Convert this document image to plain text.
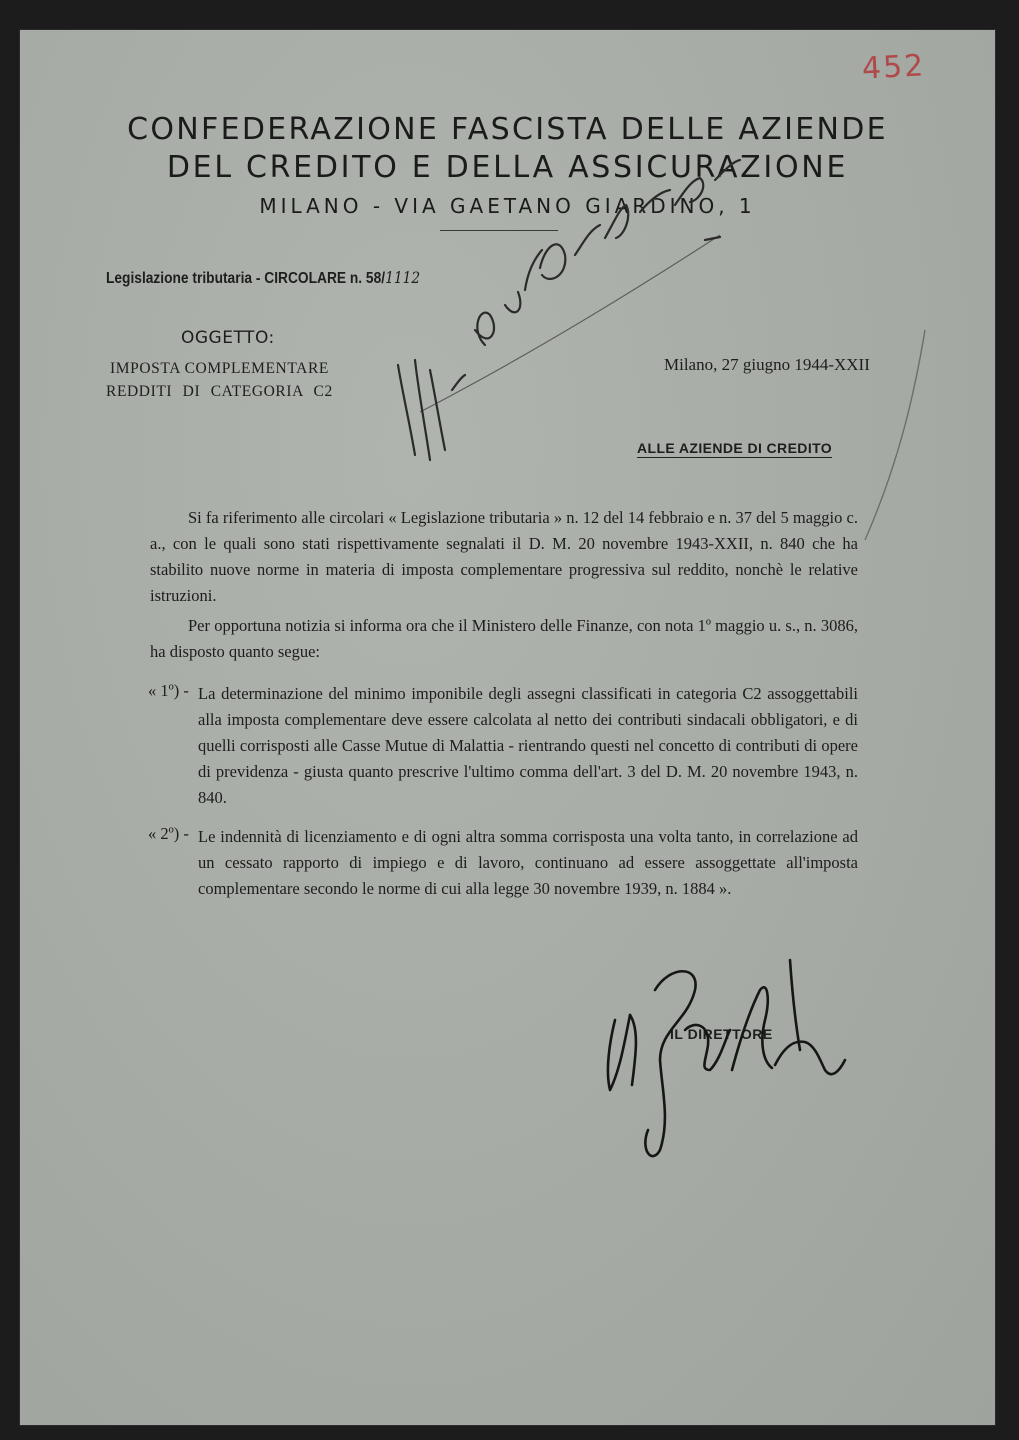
452
CONFEDERAZIONE FASCISTA DELLE AZIENDE
DEL CREDITO E DELLA ASSICURAZIONE
MILANO - VIA GAETANO GIARDINO, 1
Legislazione tributaria - CIRCOLARE n. 58/1112
OGGETTO:
IMPOSTA COMPLEMENTARE
REDDITI DI CATEGORIA C2
Milano, 27 giugno 1944-XXII
ALLE AZIENDE DI CREDITO
Si fa riferimento alle circolari « Legislazione tributaria » n. 12 del 14 febbraio e n. 37 del 5 maggio c. a., con le quali sono stati rispettivamente segnalati il D. M. 20 novembre 1943-XXII, n. 840 che ha stabilito nuove norme in materia di imposta complementare progressiva sul reddito, nonchè le relative istruzioni.
Per opportuna notizia si informa ora che il Ministero delle Finanze, con nota 1º maggio u. s., n. 3086, ha disposto quanto segue:
« 1º) - La determinazione del minimo imponibile degli assegni classificati in categoria C2 assoggettabili alla imposta complementare deve essere calcolata al netto dei contributi sindacali obbligatori, e di quelli corrisposti alle Casse Mutue di Malattia - rientrando questi nel concetto di contributi di opere di previdenza - giusta quanto prescrive l'ultimo comma dell'art. 3 del D. M. 20 novembre 1943, n. 840.
« 2º) - Le indennità di licenziamento e di ogni altra somma corrisposta una volta tanto, in correlazione ad un cessato rapporto di impiego e di lavoro, continuano ad essere assoggettate all'imposta complementare secondo le norme di cui alla legge 30 novembre 1939, n. 1884 ».
IL DIRETTORE
